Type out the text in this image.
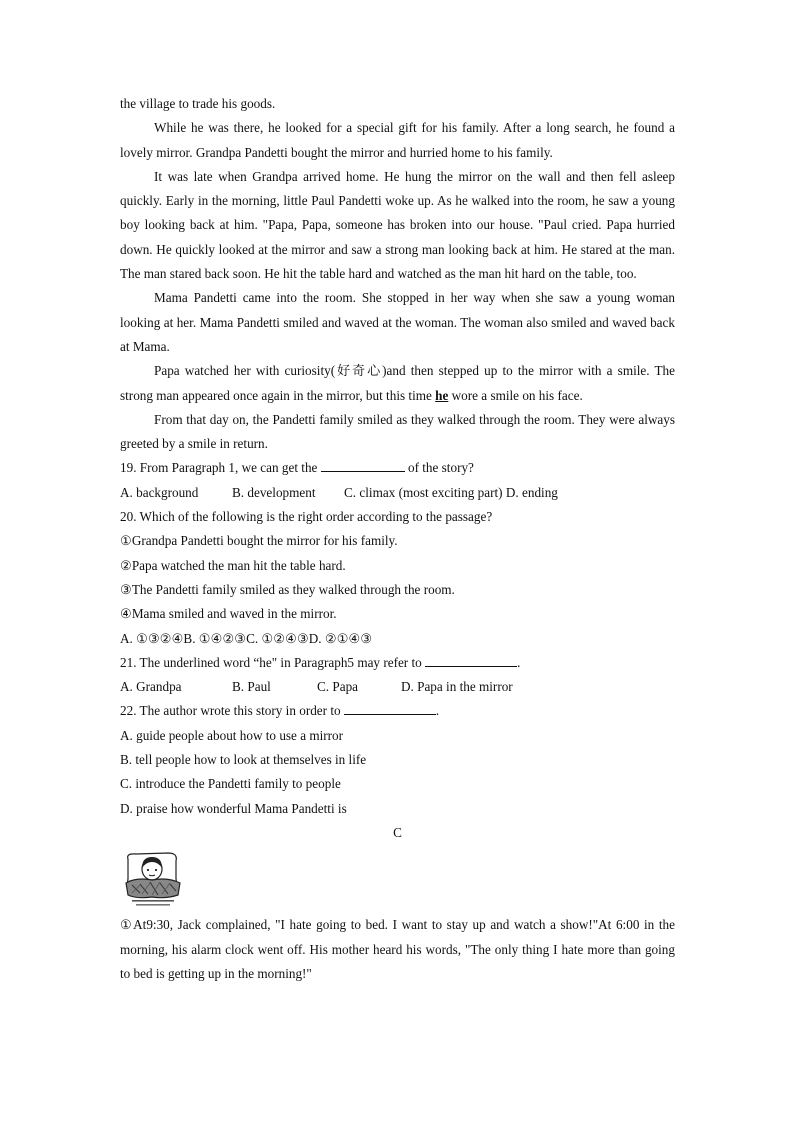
the village to trade his goods.

While he was there, he looked for a special gift for his family. After a long search, he found a lovely mirror. Grandpa Pandetti bought the mirror and hurried home to his family.

It was late when Grandpa arrived home. He hung the mirror on the wall and then fell asleep quickly. Early in the morning, little Paul Pandetti woke up. As he walked into the room, he saw a young boy looking back at him. "Papa, Papa, someone has broken into our house. "Paul cried. Papa hurried down. He quickly looked at the mirror and saw a strong man looking back at him. He stared at the man. The man stared back soon. He hit the table hard and watched as the man hit hard on the table, too.

Mama Pandetti came into the room. She stopped in her way when she saw a young woman looking at her. Mama Pandetti smiled and waved at the woman. The woman also smiled and waved back at Mama.

Papa watched her with curiosity(好奇心)and then stepped up to the mirror with a smile. The strong man appeared once again in the mirror, but this time he wore a smile on his face.

From that day on, the Pandetti family smiled as they walked through the room. They were always greeted by a smile in return.

19. From Paragraph 1, we can get the	of the story?

A. background	B. development	C. climax (most exciting part) D. ending

20. Which of the following is the right order according to the passage?

①Grandpa Pandetti bought the mirror for his family.

②Papa watched the man hit the table hard.

③The Pandetti family smiled as they walked through the room.

④Mama smiled and waved in the mirror.

A. ①③②④B. ①④②③C. ①②④③D. ②①④③

21. The underlined word “he" in Paragraph5 may refer to	.

A. Grandpa	B. Paul	C. Papa	D. Papa in the mirror

22. The author wrote this story in order to	.

A. guide people about how to use a mirror

B. tell people how to look at themselves in life

C. introduce the Pandetti family to people

D. praise how wonderful Mama Pandetti is

C

①At9:30, Jack complained, "I hate going to bed. I want to stay up and watch a show!"At 6:00 in the morning, his alarm clock went off. His mother heard his words, "The only thing I hate more than going to bed is getting up in the morning!"
